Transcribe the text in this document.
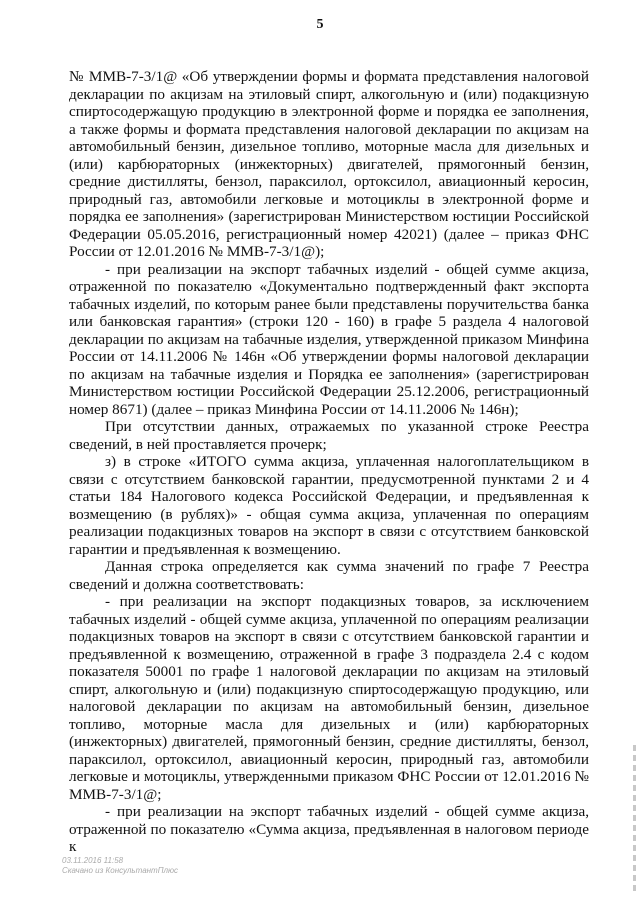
5

№ ММВ-7-3/1@ «Об утверждении формы и формата представления налоговой декларации по акцизам на этиловый спирт, алкогольную и (или) подакцизную спиртосодержащую продукцию в электронной форме и порядка ее заполнения, а также формы и формата представления налоговой декларации по акцизам на автомобильный бензин, дизельное топливо, моторные масла для дизельных и (или) карбюраторных (инжекторных) двигателей, прямогонный бензин, средние дистилляты, бензол, параксилол, ортоксилол, авиационный керосин, природный газ, автомобили легковые и мотоциклы в электронной форме и порядка ее заполнения» (зарегистрирован Министерством юстиции Российской Федерации 05.05.2016, регистрационный номер 42021) (далее – приказ ФНС России от 12.01.2016 № ММВ-7-3/1@);

- при реализации на экспорт табачных изделий - общей сумме акциза, отраженной по показателю «Документально подтвержденный факт экспорта табачных изделий, по которым ранее были представлены поручительства банка или банковская гарантия» (строки 120 - 160) в графе 5 раздела 4 налоговой декларации по акцизам на табачные изделия, утвержденной приказом Минфина России от 14.11.2006 № 146н «Об утверждении формы налоговой декларации по акцизам на табачные изделия и Порядка ее заполнения» (зарегистрирован Министерством юстиции Российской Федерации 25.12.2006, регистрационный номер 8671) (далее – приказ Минфина России от 14.11.2006 № 146н);

При отсутствии данных, отражаемых по указанной строке Реестра сведений, в ней проставляется прочерк;

з) в строке «ИТОГО сумма акциза, уплаченная налогоплательщиком в связи с отсутствием банковской гарантии, предусмотренной пунктами 2 и 4 статьи 184 Налогового кодекса Российской Федерации, и предъявленная к возмещению (в рублях)» - общая сумма акциза, уплаченная по операциям реализации подакцизных товаров на экспорт в связи с отсутствием банковской гарантии и предъявленная к возмещению.

Данная строка определяется как сумма значений по графе 7 Реестра сведений и должна соответствовать:

- при реализации на экспорт подакцизных товаров, за исключением табачных изделий - общей сумме акциза, уплаченной по операциям реализации подакцизных товаров на экспорт в связи с отсутствием банковской гарантии и предъявленной к возмещению, отраженной в графе 3 подраздела 2.4 с кодом показателя 50001 по графе 1 налоговой декларации по акцизам на этиловый спирт, алкогольную и (или) подакцизную спиртосодержащую продукцию, или налоговой декларации по акцизам на автомобильный бензин, дизельное топливо, моторные масла для дизельных и (или) карбюраторных (инжекторных) двигателей, прямогонный бензин, средние дистилляты, бензол, параксилол, ортоксилол, авиационный керосин, природный газ, автомобили легковые и мотоциклы, утвержденными приказом ФНС России от 12.01.2016 № ММВ-7-3/1@;

- при реализации на экспорт табачных изделий - общей сумме акциза, отраженной по показателю «Сумма акциза, предъявленная в налоговом периоде к

03.11.2016 11:58
Скачано из КонсультантПлюс
